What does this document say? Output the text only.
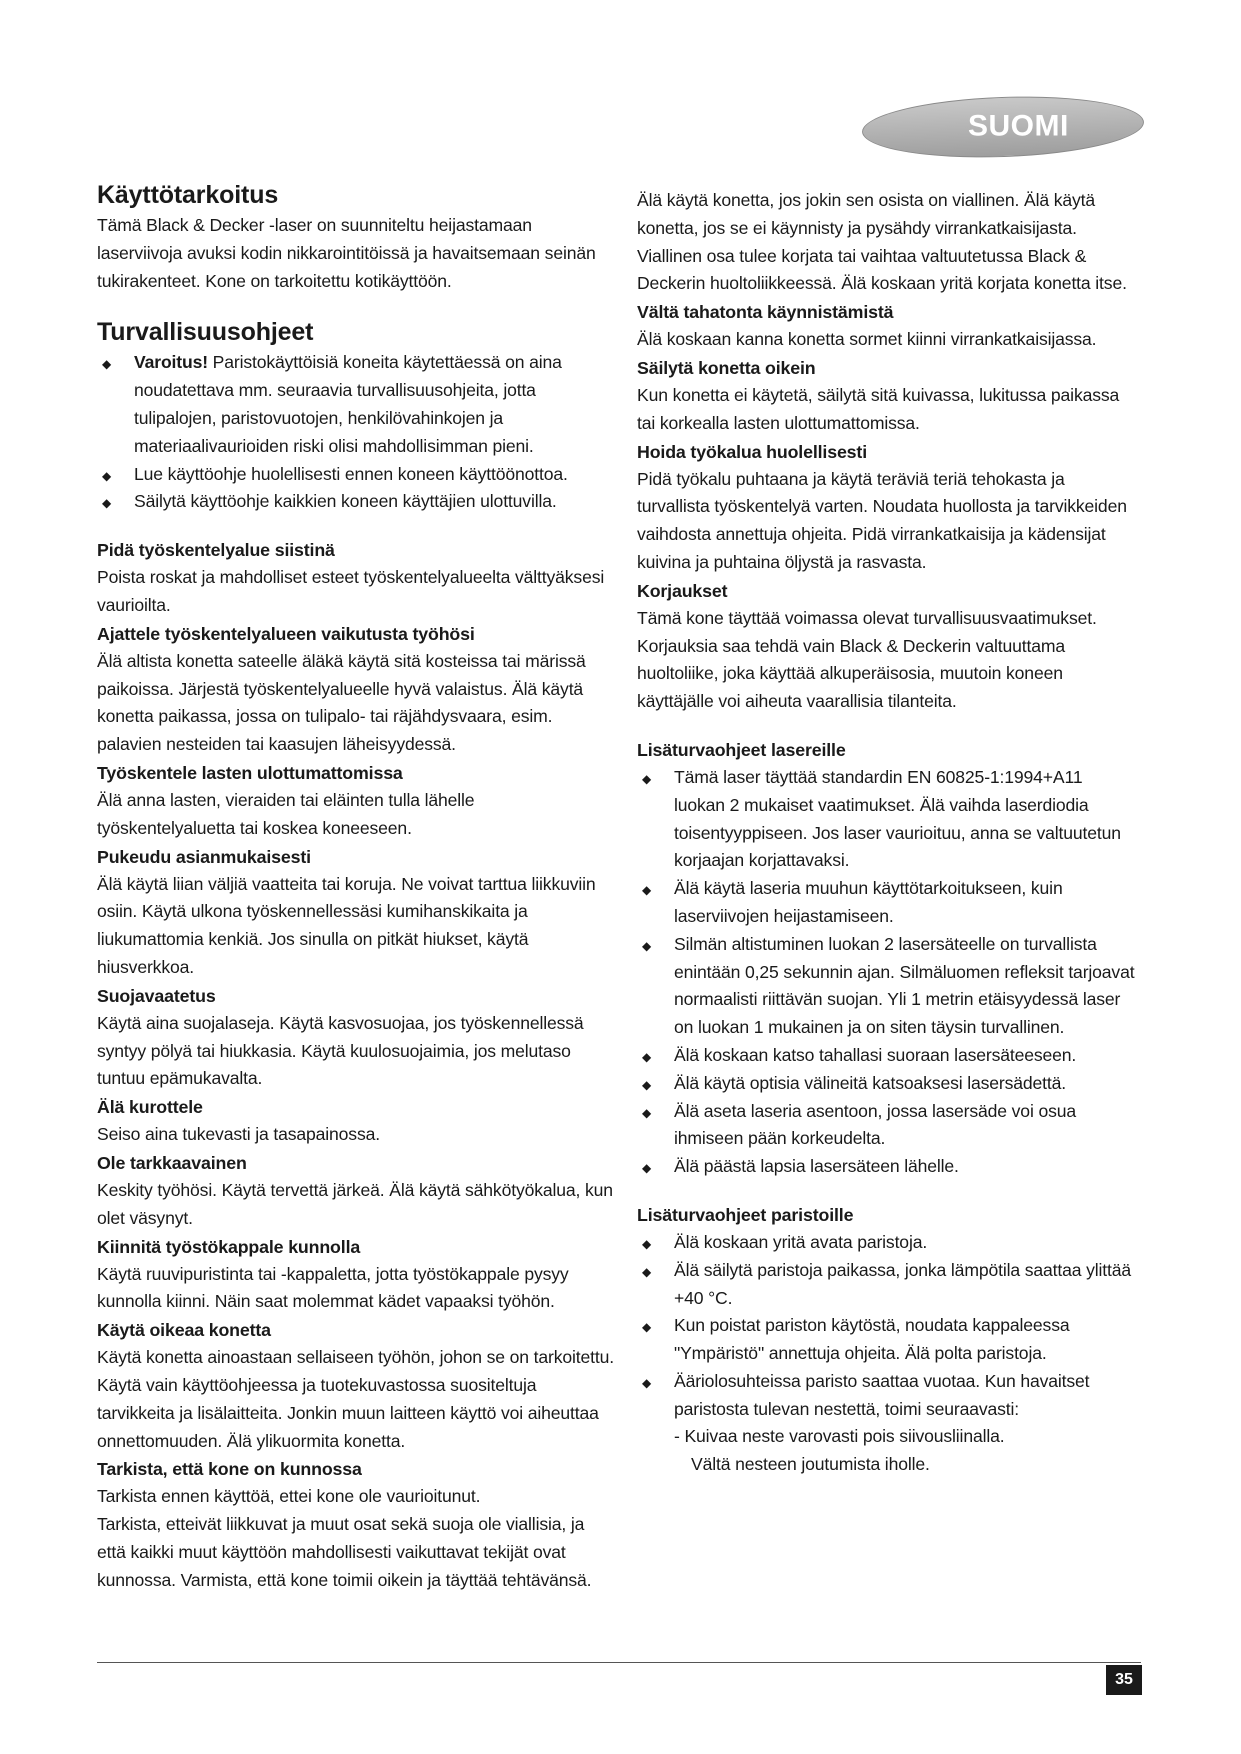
SUOMI
Käyttötarkoitus

Tämä Black & Decker -laser on suunniteltu heijastamaan laserviivoja avuksi kodin nikkarointitöissä ja havaitsemaan seinän tukirakenteet. Kone on tarkoitettu kotikäyttöön.

Turvallisuusohjeet
◆ Varoitus! Paristokäyttöisiä koneita käytettäessä on aina noudatettava mm. seuraavia turvallisuusohjeita, jotta tulipalojen, paristovuotojen, henkilövahinkojen ja materiaalivaurioiden riski olisi mahdollisimman pieni.
◆ Lue käyttöohje huolellisesti ennen koneen käyttöönottoa.
◆ Säilytä käyttöohje kaikkien koneen käyttäjien ulottuvilla.
Pidä työskentelyalue siistinä

Poista roskat ja mahdolliset esteet työskentelyalueelta välttyäksesi vaurioilta.

Ajattele työskentelyalueen vaikutusta työhösi

Älä altista konetta sateelle äläkä käytä sitä kosteissa tai märissä paikoissa. Järjestä työskentelyalueelle hyvä valaistus. Älä käytä konetta paikassa, jossa on tulipalo- tai räjähdysvaara, esim. palavien nesteiden tai kaasujen läheisyydessä.

Työskentele lasten ulottumattomissa

Älä anna lasten, vieraiden tai eläinten tulla lähelle työskentelyaluetta tai koskea koneeseen.

Pukeudu asianmukaisesti

Älä käytä liian väljiä vaatteita tai koruja. Ne voivat tarttua liikkuviin osiin. Käytä ulkona työskennellessäsi kumihanskikaita ja liukumattomia kenkiä. Jos sinulla on pitkät hiukset, käytä hiusverkkoa.

Suojavaatetus

Käytä aina suojalaseja. Käytä kasvosuojaa, jos työskennellessä syntyy pölyä tai hiukkasia. Käytä kuulosuojaimia, jos melutaso tuntuu epämukavalta.

Älä kurottele

Seiso aina tukevasti ja tasapainossa.

Ole tarkkaavainen

Keskity työhösi. Käytä tervettä järkeä. Älä käytä sähkötyökalua, kun olet väsynyt.

Kiinnitä työstökappale kunnolla

Käytä ruuvipuristinta tai -kappaletta, jotta työstökappale pysyy kunnolla kiinni. Näin saat molemmat kädet vapaaksi työhön.

Käytä oikeaa konetta

Käytä konetta ainoastaan sellaiseen työhön, johon se on tarkoitettu. Käytä vain käyttöohjeessa ja tuotekuvastossa suositeltuja tarvikkeita ja lisälaitteita. Jonkin muun laitteen käyttö voi aiheuttaa onnettomuuden. Älä ylikuormita konetta.

Tarkista, että kone on kunnossa

Tarkista ennen käyttöä, ettei kone ole vaurioitunut.

Tarkista, etteivät liikkuvat ja muut osat sekä suoja ole viallisia, ja että kaikki muut käyttöön mahdollisesti vaikuttavat tekijät ovat kunnossa. Varmista, että kone toimii oikein ja täyttää tehtävänsä.

Älä käytä konetta, jos jokin sen osista on viallinen. Älä käytä konetta, jos se ei käynnisty ja pysähdy virrankatkaisijasta. Viallinen osa tulee korjata tai vaihtaa valtuutetussa Black & Deckerin huoltoliikkeessä. Älä koskaan yritä korjata konetta itse.

Vältä tahatonta käynnistämistä

Älä koskaan kanna konetta sormet kiinni virrankatkaisijassa.

Säilytä konetta oikein

Kun konetta ei käytetä, säilytä sitä kuivassa, lukitussa paikassa tai korkealla lasten ulottumattomissa.

Hoida työkalua huolellisesti

Pidä työkalu puhtaana ja käytä teräviä teriä tehokasta ja turvallista työskentelyä varten. Noudata huollosta ja tarvikkeiden vaihdosta annettuja ohjeita. Pidä virrankatkaisija ja kädensijat kuivina ja puhtaina öljystä ja rasvasta.

Korjaukset

Tämä kone täyttää voimassa olevat turvallisuusvaatimukset. Korjauksia saa tehdä vain Black & Deckerin valtuuttama huoltoliike, joka käyttää alkuperäisosia, muutoin koneen käyttäjälle voi aiheuta vaarallisia tilanteita.

Lisäturvaohjeet lasereille
◆ Tämä laser täyttää standardin EN 60825-1:1994+A11 luokan 2 mukaiset vaatimukset. Älä vaihda laserdiodia toisentyyppiseen. Jos laser vaurioituu, anna se valtuutetun korjaajan korjattavaksi.
◆ Älä käytä laseria muuhun käyttötarkoitukseen, kuin laserviivojen heijastamiseen.
◆ Silmän altistuminen luokan 2 lasersäteelle on turvallista enintään 0,25 sekunnin ajan. Silmäluomen refleksit tarjoavat normaalisti riittävän suojan. Yli 1 metrin etäisyydessä laser on luokan 1 mukainen ja on siten täysin turvallinen.
◆ Älä koskaan katso tahallasi suoraan lasersäteeseen.
◆ Älä käytä optisia välineitä katsoaksesi lasersädettä.
◆ Älä aseta laseria asentoon, jossa lasersäde voi osua ihmiseen pään korkeudelta.
◆ Älä päästä lapsia lasersäteen lähelle.
Lisäturvaohjeet paristoille
◆ Älä koskaan yritä avata paristoja.
◆ Älä säilytä paristoja paikassa, jonka lämpötila saattaa ylittää +40 °C.
◆ Kun poistat pariston käytöstä, noudata kappaleessa "Ympäristö" annettuja ohjeita. Älä polta paristoja.
◆ Ääriolosuhteissa paristo saattaa vuotaa. Kun havaitset paristosta tulevan nestettä, toimi seuraavasti:

- Kuivaa neste varovasti pois siivousliinalla.

Vältä nesteen joutumista iholle.

35
